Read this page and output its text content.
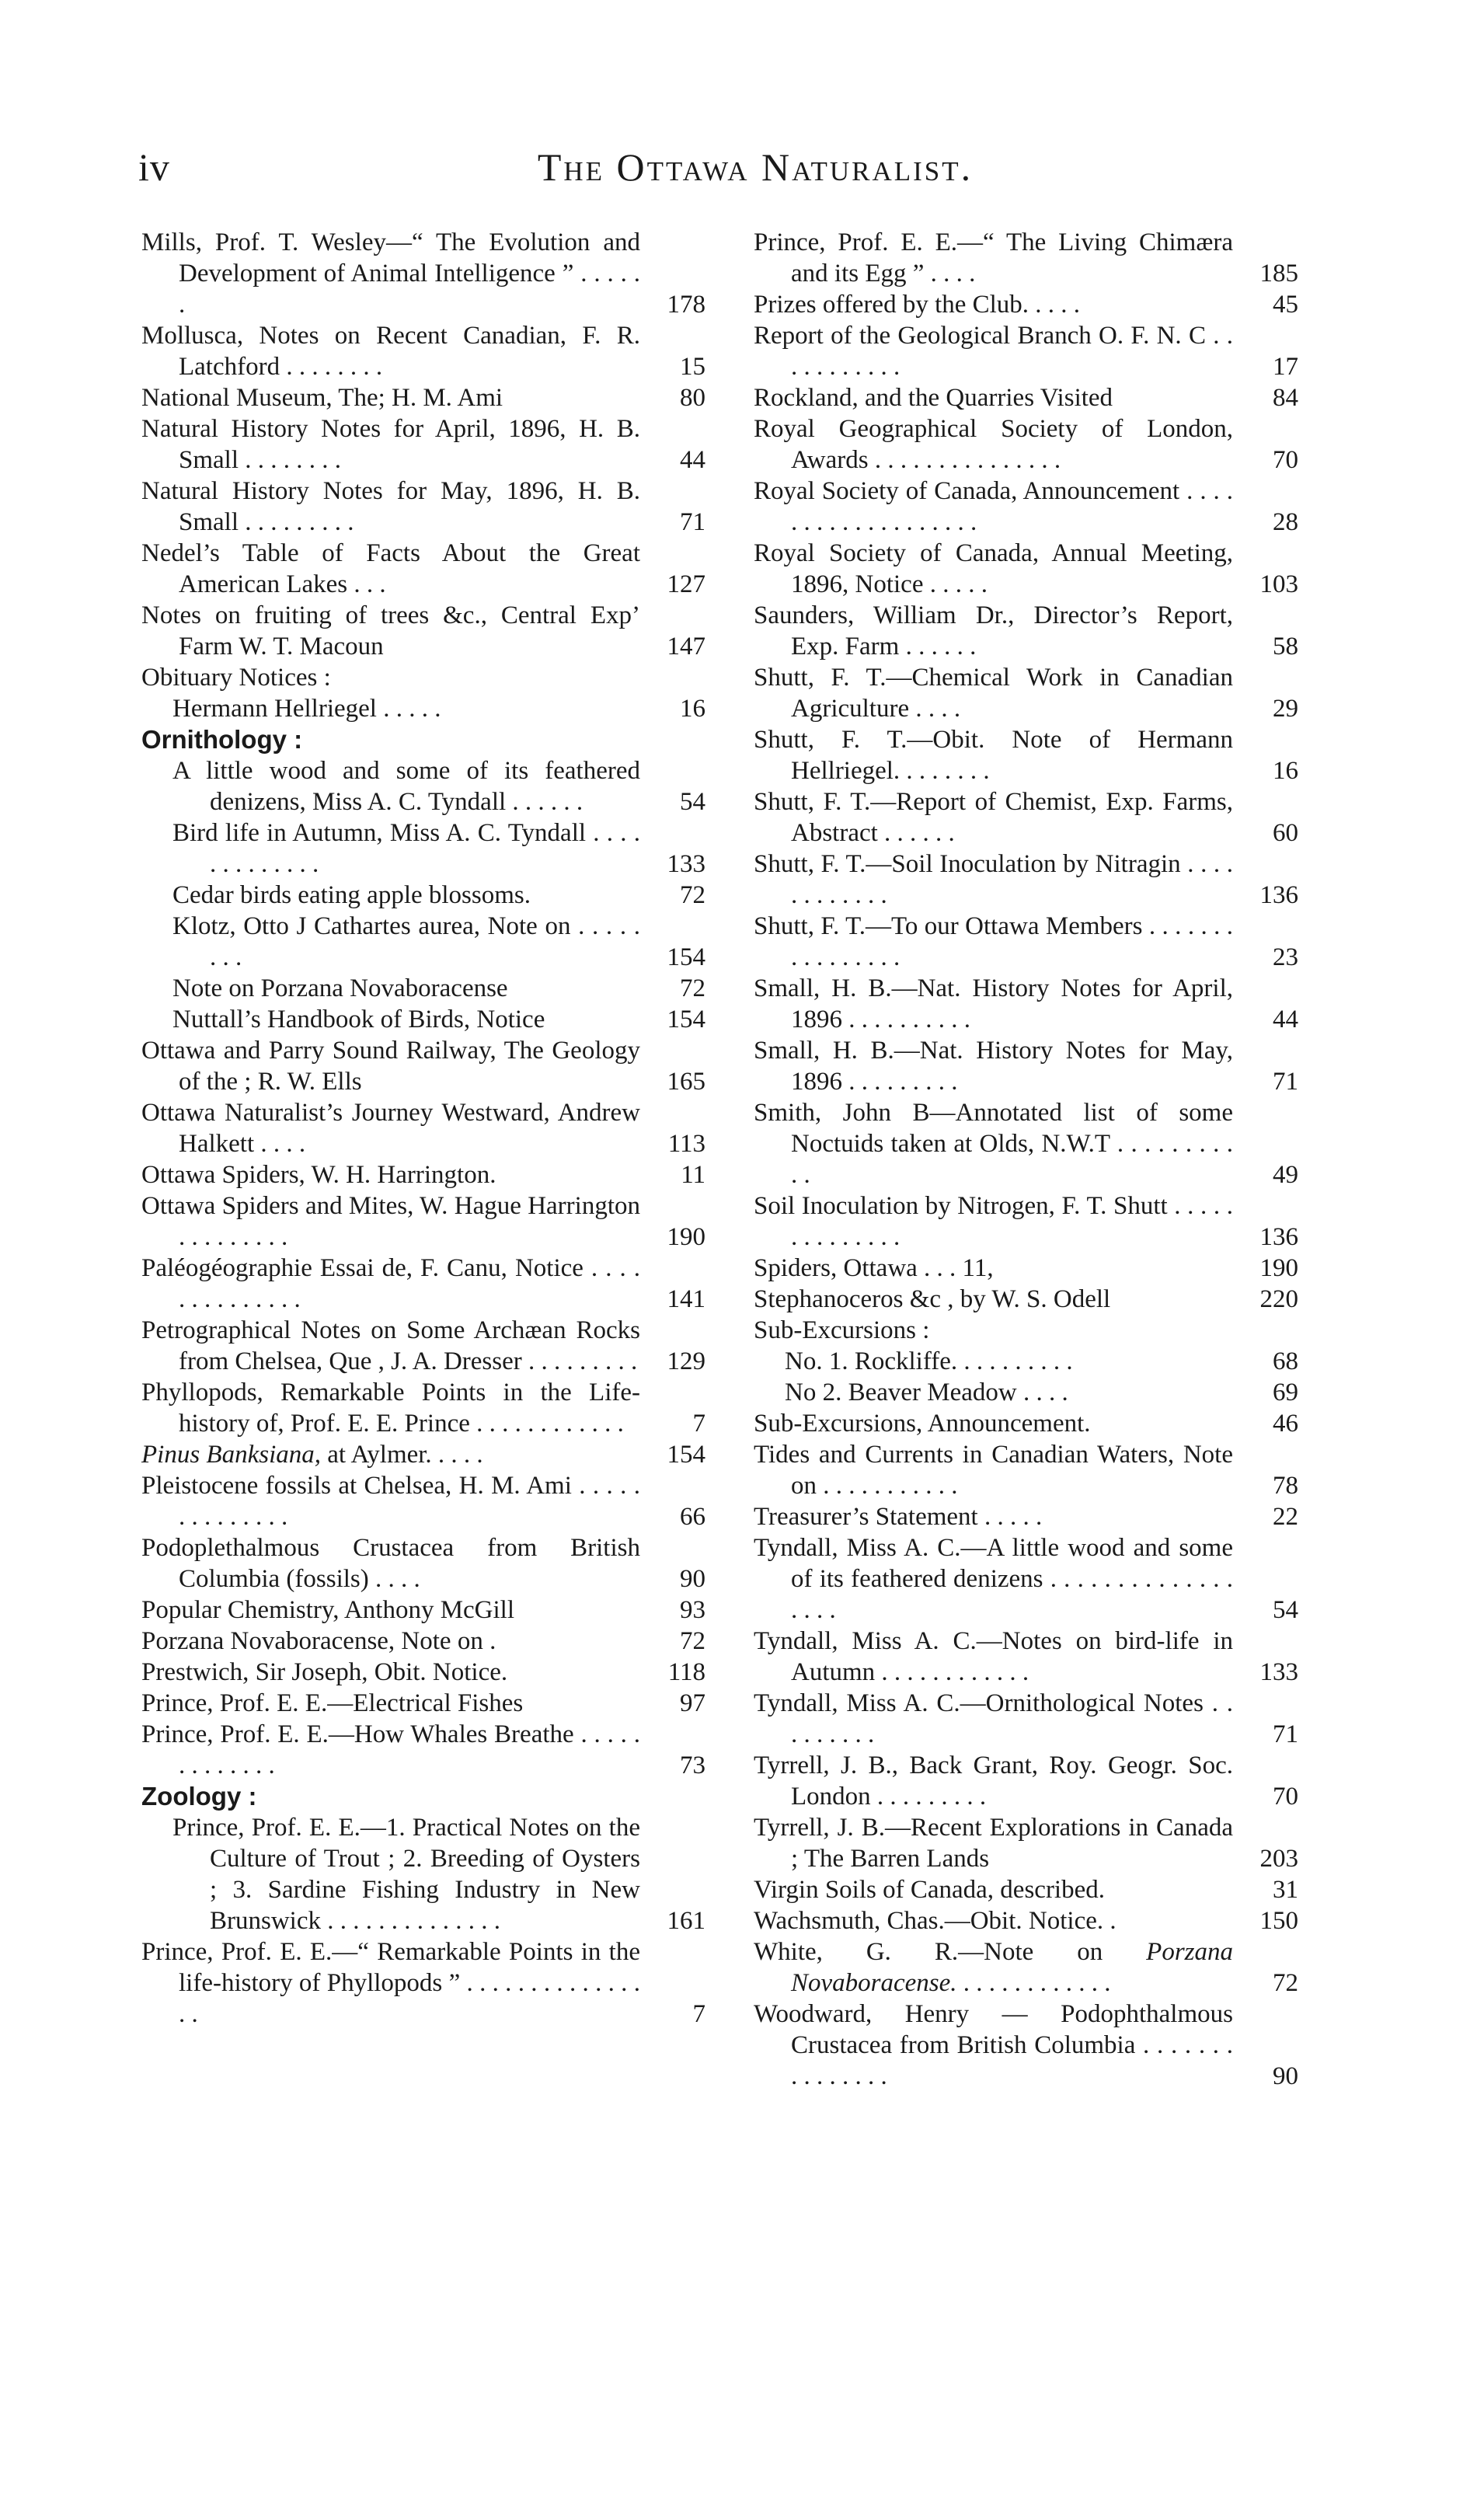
iv	The Ottawa Naturalist.
Mills, Prof. T. Wesley—“ The Evolution and Development of Animal Intelligence ” . . . . . .	178
Mollusca, Notes on Recent Canadian, F. R. Latchford . . . . . . . .	15
National Museum, The; H. M. Ami	80
Natural History Notes for April, 1896, H. B. Small . . . . . . . .	44
Natural History Notes for May, 1896, H. B. Small . . . . . . . . .	71
Nedel’s Table of Facts About the Great American Lakes . . .	127
Notes on fruiting of trees &c., Central Exp’ Farm W. T. Macoun	147
Obituary Notices :
Hermann Hellriegel . . . . .	16
Ornithology :
A little wood and some of its feathered denizens, Miss A. C. Tyndall . . . . . .	54
Bird life in Autumn, Miss A. C. Tyndall . . . . . . . . . . . . .	133
Cedar birds eating apple blossoms.	72
Klotz, Otto J Cathartes aurea, Note on . . . . . . . .	154
Note on Porzana Novaboracense	72
Nuttall’s Handbook of Birds, Notice	154
Ottawa and Parry Sound Railway, The Geology of the ; R. W. Ells	165
Ottawa Naturalist’s Journey Westward, Andrew Halkett . . . .	113
Ottawa Spiders, W. H. Harrington.	11
Ottawa Spiders and Mites, W. Hague Harrington . . . . . . . . .	190
Paléogéographie Essai de, F. Canu, Notice . . . . . . . . . . . . . .	141
Petrographical Notes on Some Archæan Rocks from Chelsea, Que , J. A. Dresser . . . . . . . . .	129
Phyllopods, Remarkable Points in the Life-history of, Prof. E. E. Prince . . . . . . . . . . . .	7
Pinus Banksiana, at Aylmer. . . . .	154
Pleistocene fossils at Chelsea, H. M. Ami . . . . . . . . . . . . . .	66
Podoplethalmous Crustacea from British Columbia (fossils) . . . .	90
Popular Chemistry, Anthony McGill	93
Porzana Novaboracense, Note on .	72
Prestwich, Sir Joseph, Obit. Notice.	118
Prince, Prof. E. E.—Electrical Fishes	97
Prince, Prof. E. E.—How Whales Breathe . . . . . . . . . . . . .	73
Zoology :
Prince, Prof. E. E.—1. Practical Notes on the Culture of Trout ; 2. Breeding of Oysters ; 3. Sardine Fishing Industry in New Brunswick . . . . . . . . . . . . . .	161
Prince, Prof. E. E.—“ Remarkable Points in the life-history of Phyllopods ” . . . . . . . . . . . . . . . .	7
Prince, Prof. E. E.—“ The Living Chimæra and its Egg ” . . . .	185
Prizes offered by the Club. . . . .	45
Report of the Geological Branch O. F. N. C . . . . . . . . . . .	17
Rockland, and the Quarries Visited	84
Royal Geographical Society of London, Awards . . . . . . . . . . . . . . .	70
Royal Society of Canada, Announcement . . . . . . . . . . . . . . . . . . .	28
Royal Society of Canada, Annual Meeting, 1896, Notice . . . . .	103
Saunders, William Dr., Director’s Report, Exp. Farm . . . . . .	58
Shutt, F. T.—Chemical Work in Canadian Agriculture . . . .	29
Shutt, F. T.—Obit. Note of Hermann Hellriegel. . . . . . . .	16
Shutt, F. T.—Report of Chemist, Exp. Farms, Abstract . . . . . .	60
Shutt, F. T.—Soil Inoculation by Nitragin . . . . . . . . . . . .	136
Shutt, F. T.—To our Ottawa Members . . . . . . . . . . . . . . . .	23
Small, H. B.—Nat. History Notes for April, 1896 . . . . . . . . . .	44
Small, H. B.—Nat. History Notes for May, 1896 . . . . . . . . .	71
Smith, John B—Annotated list of some Noctuids taken at Olds, N.W.T . . . . . . . . . . .	49
Soil Inoculation by Nitrogen, F. T. Shutt . . . . . . . . . . . . . .	136
Spiders, Ottawa . . . 11,	190
Stephanoceros &c , by W. S. Odell	220
Sub-Excursions :
No. 1. Rockliffe. . . . . . . . . .	68
No 2. Beaver Meadow . . . .	69
Sub-Excursions, Announcement.	46
Tides and Currents in Canadian Waters, Note on . . . . . . . . . . .	78
Treasurer’s Statement . . . . .	22
Tyndall, Miss A. C.—A little wood and some of its feathered denizens . . . . . . . . . . . . . . . . . .	54
Tyndall, Miss A. C.—Notes on bird-life in Autumn . . . . . . . . . . . .	133
Tyndall, Miss A. C.—Ornithological Notes . . . . . . . . .	71
Tyrrell, J. B., Back Grant, Roy. Geogr. Soc. London . . . . . . . . .	70
Tyrrell, J. B.—Recent Explorations in Canada ; The Barren Lands	203
Virgin Soils of Canada, described.	31
Wachsmuth, Chas.—Obit. Notice. .	150
White, G. R.—Note on Porzana Novaboracense. . . . . . . . . . . . .	72
Woodward, Henry — Podophthalmous Crustacea from British Columbia . . . . . . . . . . . . . . .	90
